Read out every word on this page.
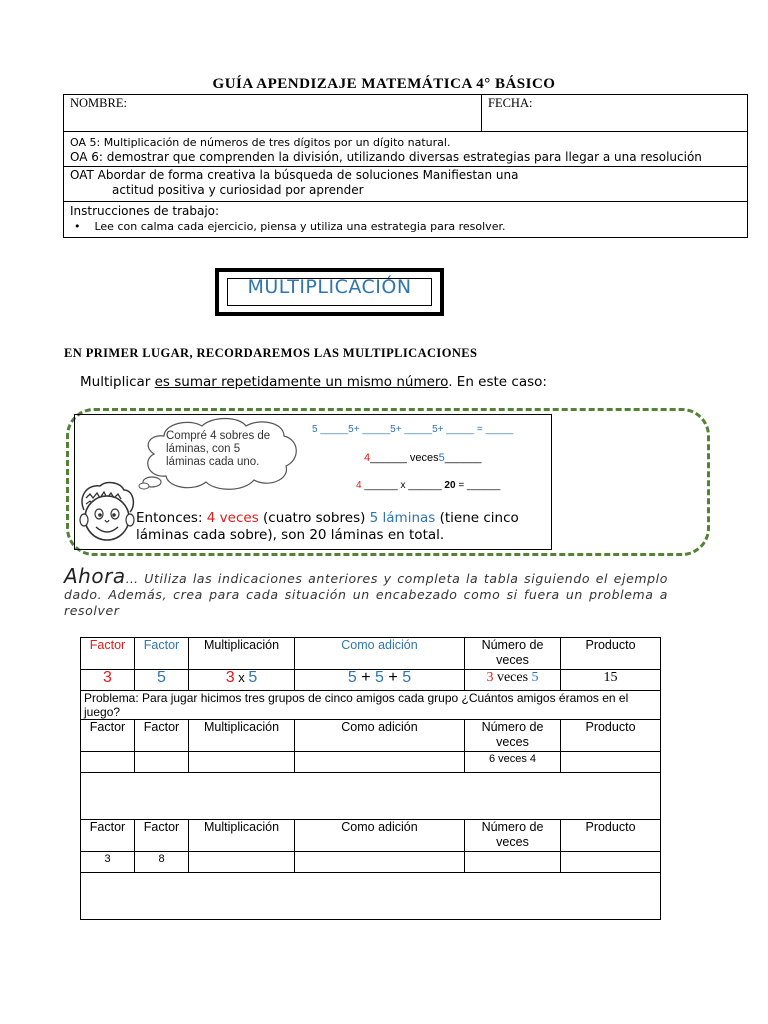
GUÍA APENDIZAJE MATEMÁTICA 4° BÁSICO
NOMBRE:	FECHA:

OA 5: Multiplicación de números de tres dígitos por un dígito natural.
OA 6: demostrar que comprenden la división, utilizando diversas estrategias para llegar a una resolución

OAT Abordar de forma creativa la búsqueda de soluciones Manifiestan una
actitud positiva y curiosidad por aprender

Instrucciones de trabajo:
•    Lee con calma cada ejercicio, piensa y utiliza una estrategia para resolver.
MULTIPLICACIÓN
EN PRIMER LUGAR, RECORDAREMOS LAS MULTIPLICACIONES
Multiplicar es sumar repetidamente un mismo número. En este caso:
Compré 4 sobres de láminas, con 5 láminas cada uno.
5 _____5+ _____5+ _____5+ _____ = _____
4______ veces5______
4 ______ x ______ 20 = ______
Entonces: 4 veces (cuatro sobres) 5 láminas (tiene cinco láminas cada sobre), son 20 láminas en total.
Ahora… Utiliza las indicaciones anteriores y completa la tabla siguiendo el ejemplo dado. Además, crea para cada situación un encabezado como si fuera un problema a resolver
Factor	Factor	Multiplicación	Como adición	Número de veces	Producto
3	5	3 x 5	5 + 5 + 5	3 veces 5	15
Problema: Para jugar hicimos tres grupos de cinco amigos cada grupo ¿Cuántos amigos éramos en el juego?					
Factor	Factor	Multiplicación	Como adición	Número de veces	Producto
				6 veces 4	

Factor	Factor	Multiplicación	Como adición	Número de veces	Producto
3	8				
